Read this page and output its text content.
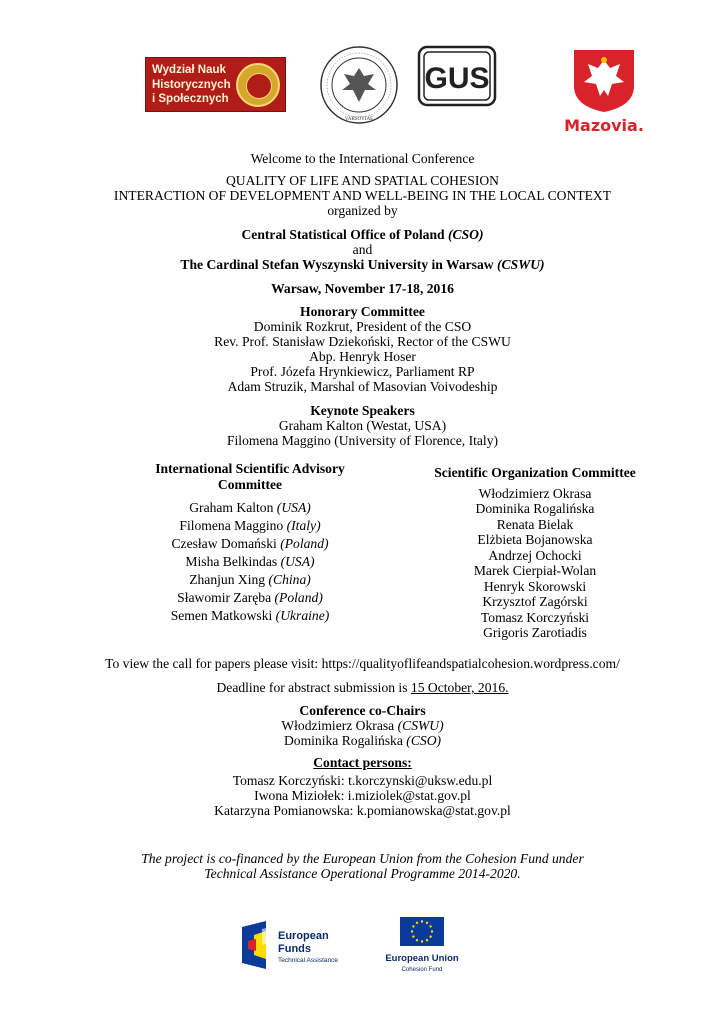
Wydział Nauk
Historycznych
i Społecznych
VARSOVIAE
GUS
Mazovia.
Welcome to the International Conference
QUALITY OF LIFE AND SPATIAL COHESION
INTERACTION OF DEVELOPMENT AND WELL-BEING IN THE LOCAL CONTEXT
organized by
Central Statistical Office of Poland (CSO)
and
The Cardinal Stefan Wyszynski University in Warsaw (CSWU)
Warsaw, November 17-18, 2016
Honorary Committee
Dominik Rozkrut, President of the CSO
Rev. Prof. Stanisław Dziekoński, Rector of the CSWU
Abp. Henryk Hoser
Prof. Józefa Hrynkiewicz, Parliament RP
Adam Struzik, Marshal of Masovian Voivodeship
Keynote Speakers
Graham Kalton (Westat, USA)
Filomena Maggino (University of Florence, Italy)
International Scientific Advisory
Committee
Graham Kalton (USA)
Filomena Maggino (Italy)
Czesław Domański (Poland)
Misha Belkindas (USA)
Zhanjun Xing (China)
Sławomir Zaręba (Poland)
Semen Matkowski (Ukraine)
Scientific Organization Committee
Włodzimierz Okrasa
Dominika Rogalińska
Renata Bielak
Elżbieta Bojanowska
Andrzej Ochocki
Marek Cierpiał-Wolan
Henryk Skorowski
Krzysztof Zagórski
Tomasz Korczyński
Grigoris Zarotiadis
To view the call for papers please visit: https://qualityoflifeandspatialcohesion.wordpress.com/
Deadline for abstract submission is 15 October, 2016.
Conference co-Chairs
Włodzimierz Okrasa (CSWU)
Dominika Rogalińska (CSO)
Contact persons:
Tomasz Korczyński: t.korczynski@uksw.edu.pl
Iwona Miziołek: i.miziolek@stat.gov.pl
Katarzyna Pomianowska: k.pomianowska@stat.gov.pl
The project is co-financed by the European Union from the Cohesion Fund under
Technical Assistance Operational Programme 2014-2020.
European
Funds
Technical Assistance	European Union
Cohesion Fund
